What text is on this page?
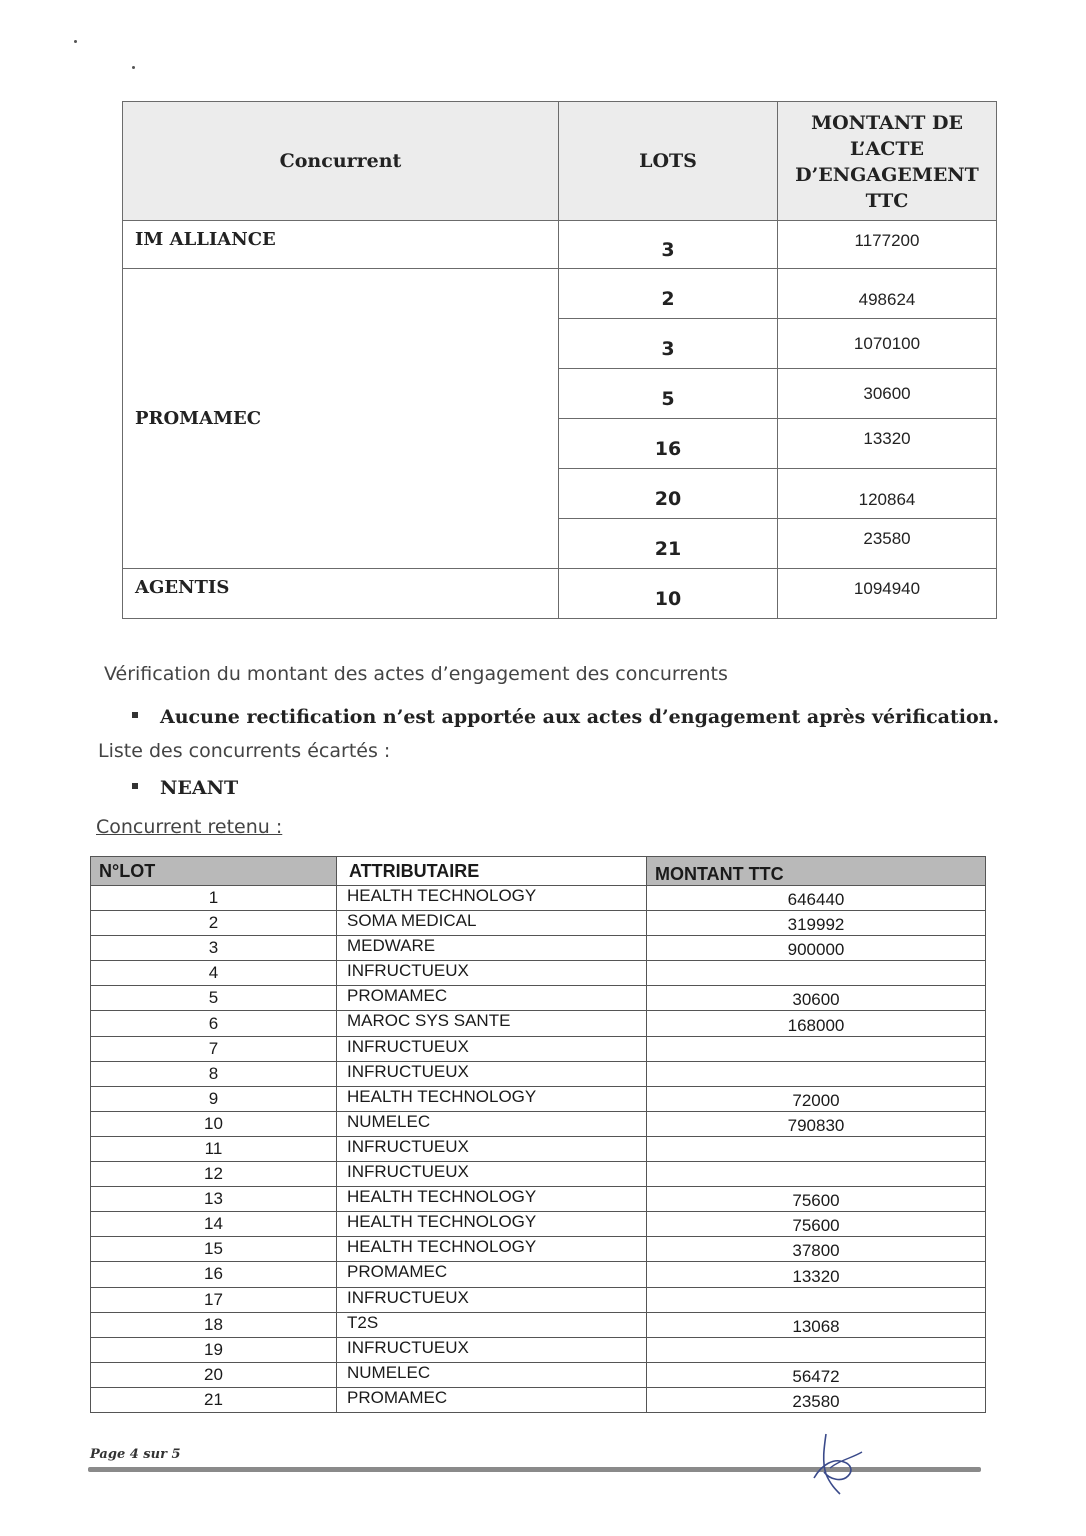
Concurrent	LOTS	MONTANT DE
L’ACTE
D’ENGAGEMENT
TTC

IM ALLIANCE	3	1177200
PROMAMEC	2	498624
	3	1070100
	5	30600
	16	13320
	20	120864
	21	23580
AGENTIS	10	1094940
Vérification du montant des actes d’engagement des concurrents
Aucune rectification n’est apportée aux actes d’engagement après vérification.
Liste des concurrents écartés :
NEANT
Concurrent retenu :
N°LOT	ATTRIBUTAIRE	MONTANT TTC
1	HEALTH TECHNOLOGY	646440
2	SOMA MEDICAL	319992
3	MEDWARE	900000
4	INFRUCTUEUX	
5	PROMAMEC	30600
6	MAROC SYS SANTE	168000
7	INFRUCTUEUX	
8	INFRUCTUEUX	
9	HEALTH TECHNOLOGY	72000
10	NUMELEC	790830
11	INFRUCTUEUX	
12	INFRUCTUEUX	
13	HEALTH TECHNOLOGY	75600
14	HEALTH TECHNOLOGY	75600
15	HEALTH TECHNOLOGY	37800
16	PROMAMEC	13320
17	INFRUCTUEUX	
18	T2S	13068
19	INFRUCTUEUX	
20	NUMELEC	56472
21	PROMAMEC	23580
Page 4 sur 5
